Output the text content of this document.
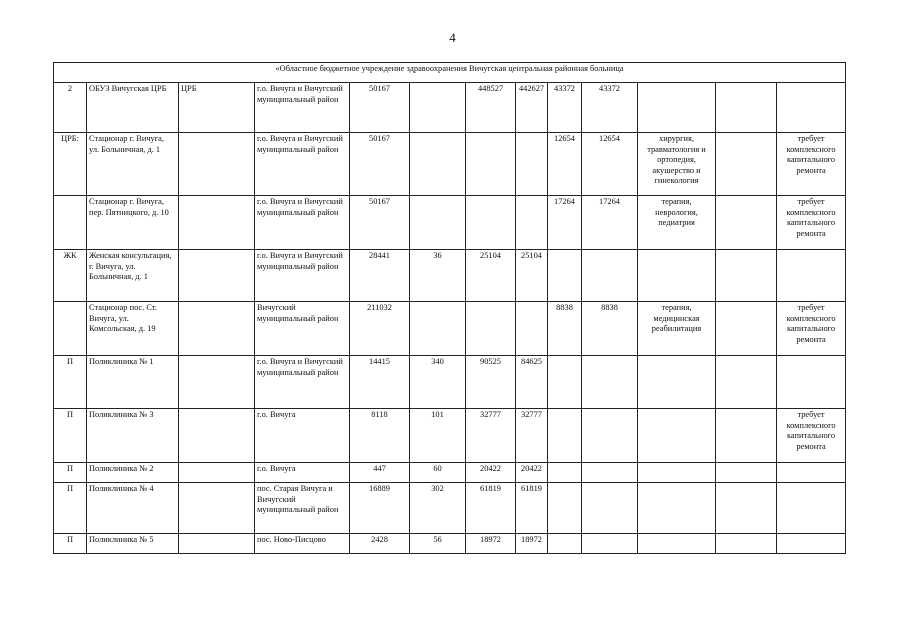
4
«Областное бюджетное учреждение здравоохранения Вичугская центральная районная больница												
2	ОБУЗ Вичугская ЦРБ	ЦРБ	г.о. Вичуга и Вичугский муниципальный район	50167		448527	442627	43372	43372			
ЦРБ:	Стационар г. Вичуга, ул. Больничная, д. 1		г.о. Вичуга и Вичугский муниципальный район	50167				12654	12654	хирургия, травматология и ортопедия, акушерство и гинекология		требует комплексного капитального ремонта
	Стационар г. Вичуга, пер. Пятницкого, д. 10		г.о. Вичуга и Вичугский муниципальный район	50167				17264	17264	терапия, неврология, педиатрия		требует комплексного капитального ремонта
ЖК	Женская консультация, г. Вичуга, ул. Больничная, д. 1		г.о. Вичуга и Вичугский муниципальный район	28441	36	25104	25104					
	Стационар пос. Ст. Вичуга, ул. Комсольская, д. 19		Вичугский муниципальный район	211032				8838	8838	терапия, медицинская реабилитация		требует комплексного капитального ремонта
П	Поликлиника № 1		г.о. Вичуга и Вичугский муниципальный район	14415	340	90525	84625					
П	Поликлиника № 3		г.о. Вичуга	8118	101	32777	32777					требует комплексного капитального ремонта
П	Поликлиника № 2		г.о. Вичуга	447	60	20422	20422					
П	Поликлиника № 4		пос. Старая Вичуга и Вичугский муниципальный район	16889	302	61819	61819					
П	Поликлиника № 5		пос. Ново-Писцово	2428	56	18972	18972					
